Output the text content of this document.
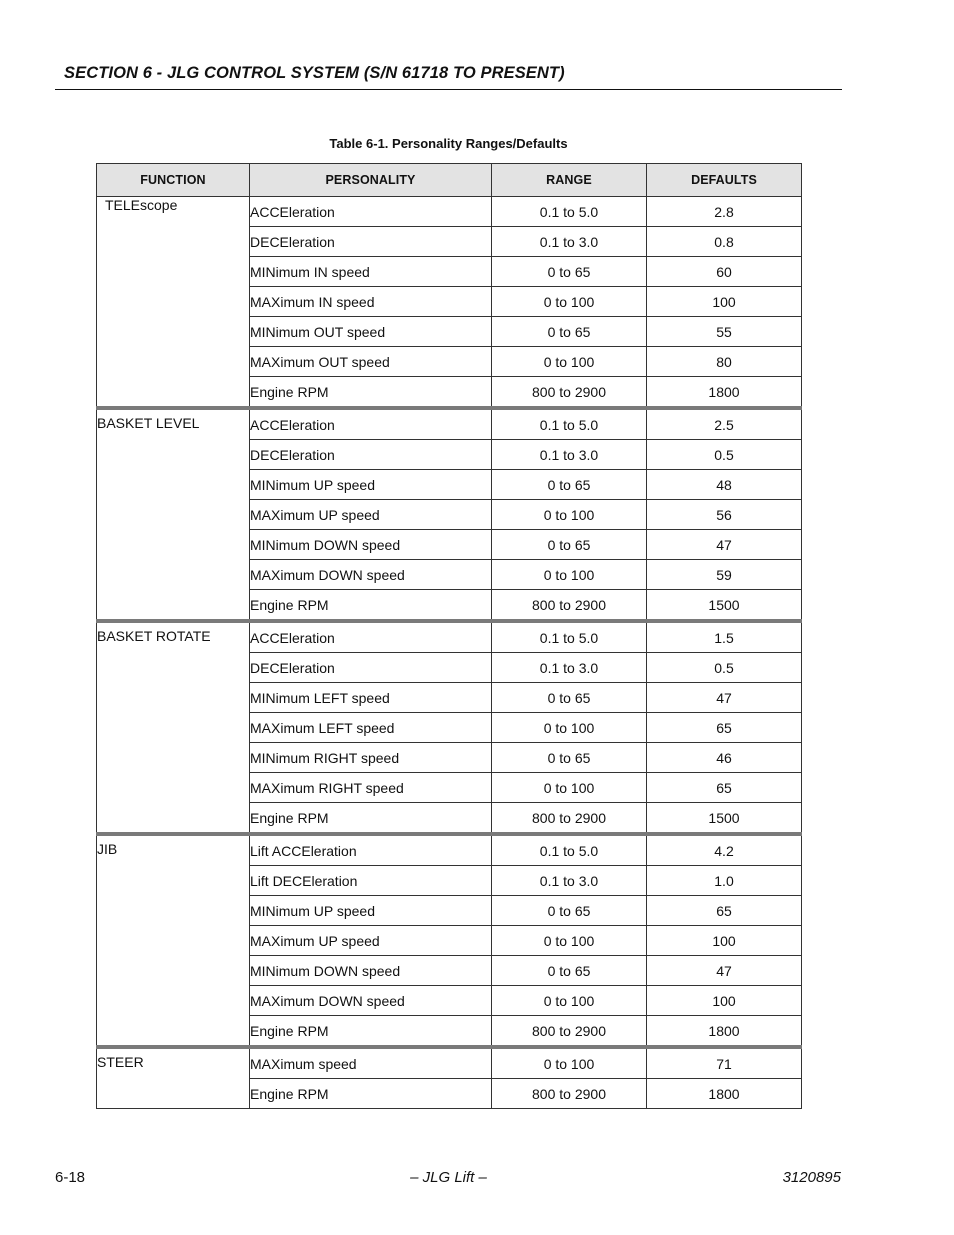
SECTION 6 - JLG CONTROL SYSTEM (S/N 61718 TO PRESENT)
Table 6-1. Personality Ranges/Defaults
FUNCTION	PERSONALITY	RANGE	DEFAULTS
TELEscope	ACCEleration	0.1 to 5.0	2.8
	DECEleration	0.1 to 3.0	0.8
	MINimum IN speed	0 to 65	60
	MAXimum IN speed	0 to 100	100
	MINimum OUT speed	0 to 65	55
	MAXimum OUT speed	0 to 100	80
	Engine RPM	800 to 2900	1800
BASKET LEVEL	ACCEleration	0.1 to 5.0	2.5
	DECEleration	0.1 to 3.0	0.5
	MINimum UP speed	0 to 65	48
	MAXimum UP speed	0 to 100	56
	MINimum DOWN speed	0 to 65	47
	MAXimum DOWN speed	0 to 100	59
	Engine RPM	800 to 2900	1500
BASKET ROTATE	ACCEleration	0.1 to 5.0	1.5
	DECEleration	0.1 to 3.0	0.5
	MINimum LEFT speed	0 to 65	47
	MAXimum LEFT speed	0 to 100	65
	MINimum RIGHT speed	0 to 65	46
	MAXimum RIGHT speed	0 to 100	65
	Engine RPM	800 to 2900	1500
JIB	Lift ACCEleration	0.1 to 5.0	4.2
	Lift DECEleration	0.1 to 3.0	1.0
	MINimum UP speed	0 to 65	65
	MAXimum UP speed	0 to 100	100
	MINimum DOWN speed	0 to 65	47
	MAXimum DOWN speed	0 to 100	100
	Engine RPM	800 to 2900	1800
STEER	MAXimum speed	0 to 100	71
	Engine RPM	800 to 2900	1800
6-18	– JLG Lift –	3120895
